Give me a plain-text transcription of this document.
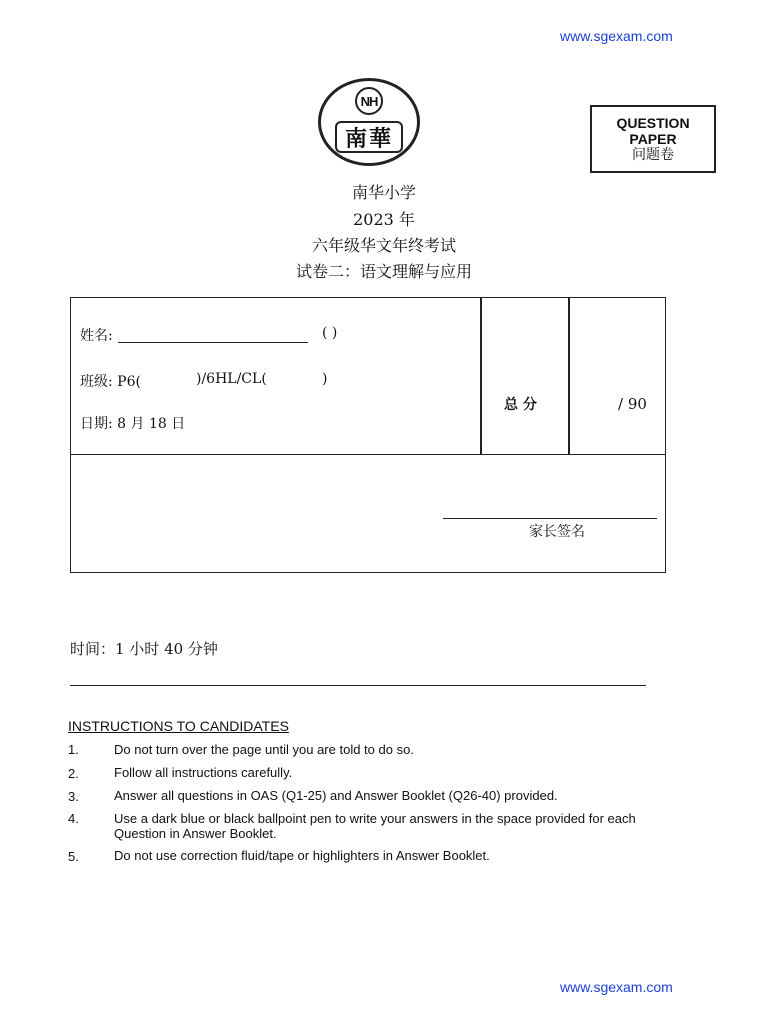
www.sgexam.com
NH
南華
QUESTION
PAPER
问题卷
南华小学
2023 年
六年级华文年终考试
试卷二：语文理解与应用
姓名:	( )
班级: P6(	)/6HL/CL(	)
日期: 8 月 18 日
总 分	/ 90
家长签名
时间：1 小时 40 分钟
INSTRUCTIONS TO CANDIDATES
1.	Do not turn over the page until you are told to do so.
2.	Follow all instructions carefully.
3.	Answer all questions in OAS (Q1-25) and Answer Booklet (Q26-40) provided.
4.	Use a dark blue or black ballpoint pen to write your answers in the space provided for each Question in Answer Booklet.
5.	Do not use correction fluid/tape or highlighters in Answer Booklet.
www.sgexam.com
